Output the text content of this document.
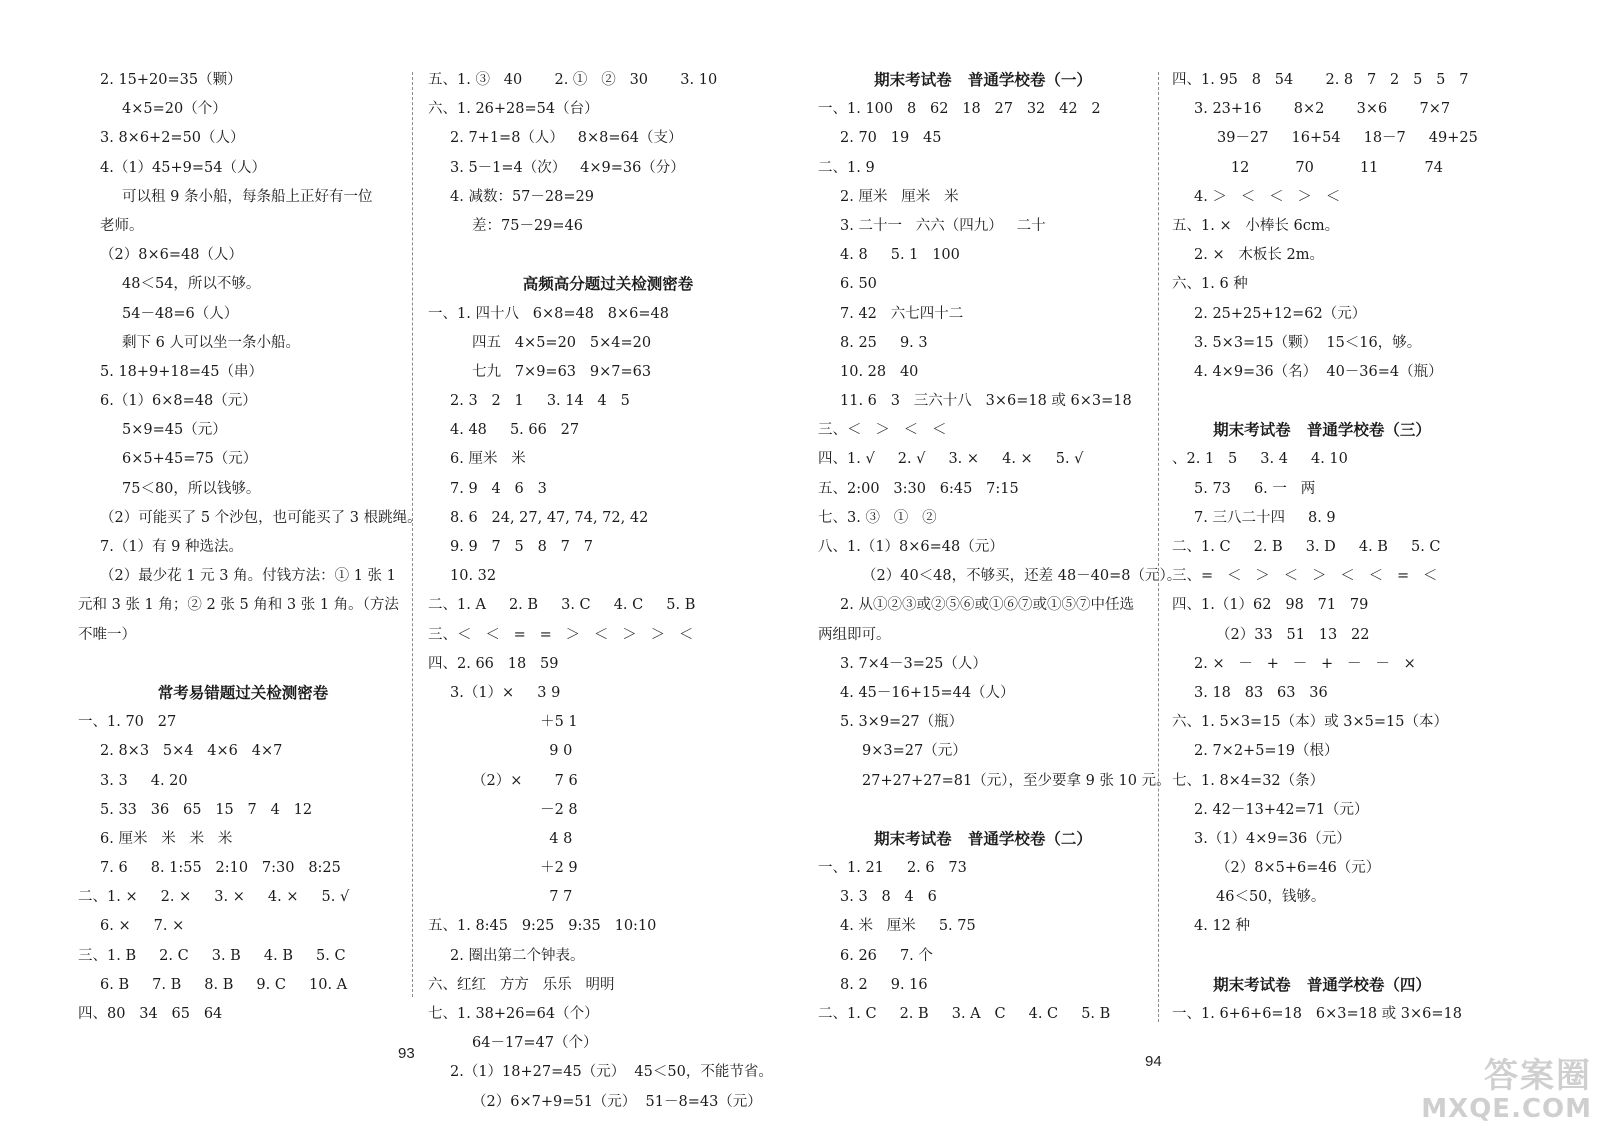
2. 15+20=35（颗）
4×5=20（个）
3. 8×6+2=50（人）
4.（1）45+9=54（人）
可以租 9 条小船，每条船上正好有一位
老师。
（2）8×6=48（人）
48＜54，所以不够。
54－48=6（人）
剩下 6 人可以坐一条小船。
5. 18+9+18=45（串）
6.（1）6×8=48（元）
5×9=45（元）
6×5+45=75（元）
75＜80，所以钱够。
（2）可能买了 5 个沙包，也可能买了 3 根跳绳。
7.（1）有 9 种选法。
（2）最少花 1 元 3 角。付钱方法：① 1 张 1
元和 3 张 1 角；② 2 张 5 角和 3 张 1 角。（方法
不唯一）
常考易错题过关检测密卷
一、1. 70   27
2. 8×3   5×4   4×6   4×7
3. 3     4. 20
5. 33   36   65   15   7   4   12
6. 厘米   米   米   米
7. 6     8. 1:55   2:10   7:30   8:25
二、1. ×     2. ×     3. ×     4. ×     5. √
6. ×     7. ×
三、1. B     2. C     3. B     4. B     5. C
6. B     7. B     8. B     9. C     10. A
四、80   34   65   64
五、1. ③   40       2. ①   ②   30       3. 10
六、1. 26+28=54（台）
2. 7+1=8（人）   8×8=64（支）
3. 5－1=4（次）   4×9=36（分）
4. 减数：57－28=29
差：75－29=46
高频高分题过关检测密卷
一、1. 四十八   6×8=48   8×6=48
四五   4×5=20   5×4=20
七九   7×9=63   9×7=63
2. 3   2   1     3. 14   4   5
4. 48     5. 66   27
6. 厘米   米
7. 9   4   6   3
8. 6   24, 27, 47, 74, 72, 42
9. 9   7   5   8   7   7
10. 32
二、1. A     2. B     3. C     4. C     5. B
三、＜   ＜   =   =   ＞   ＜   ＞   ＞   ＜
四、2. 66   18   59
3.（1）×     3 9
＋5 1
9 0
（2）×       7 6
－2 8
4 8
＋2 9
7 7
五、1. 8:45   9:25   9:35   10:10
2. 圈出第二个钟表。
六、红红   方方   乐乐   明明
七、1. 38+26=64（个）
64－17=47（个）
2.（1）18+27=45（元）  45＜50，不能节省。
（2）6×7+9=51（元）  51－8=43（元）
期末考试卷   普通学校卷（一）
一、1. 100   8   62   18   27   32   42   2
2. 70   19   45
二、1. 9
2. 厘米   厘米   米
3. 二十一   六六（四九）   二十
4. 8     5. 1   100
6. 50
7. 42   六七四十二
8. 25     9. 3
10. 28   40
11. 6   3   三六十八   3×6=18 或 6×3=18
三、＜   ＞   ＜   ＜
四、1. √     2. √     3. ×     4. ×     5. √
五、2:00   3:30   6:45   7:15
七、3. ③   ①   ②
八、1.（1）8×6=48（元）
（2）40＜48，不够买，还差 48－40=8（元）。
2. 从①②③或②⑤⑥或①⑥⑦或①⑤⑦中任选
两组即可。
3. 7×4－3=25（人）
4. 45－16+15=44（人）
5. 3×9=27（瓶）
9×3=27（元）
27+27+27=81（元），至少要拿 9 张 10 元。
期末考试卷   普通学校卷（二）
一、1. 21     2. 6   73
3. 3   8   4   6
4. 米   厘米     5. 75
6. 26     7. 个
8. 2     9. 16
二、1. C     2. B     3. A   C     4. C     5. B
四、1. 95   8   54       2. 8   7   2   5   5   7
3. 23+16       8×2       3×6       7×7
39－27     16+54     18－7     49+25
12          70          11          74
4. ＞   ＜   ＜   ＞   ＜
五、1. ×   小棒长 6cm。
2. ×   木板长 2m。
六、1. 6 种
2. 25+25+12=62（元）
3. 5×3=15（颗）  15＜16，够。
4. 4×9=36（名）  40－36=4（瓶）
期末考试卷   普通学校卷（三）
、2. 1   5     3. 4     4. 10
5. 73     6. 一   两
7. 三八二十四     8. 9
二、1. C     2. B     3. D     4. B     5. C
三、=   ＜   ＞   ＜   ＞   ＜   ＜   =   ＜
四、1.（1）62   98   71   79
（2）33   51   13   22
2. ×   －   +   －   +   －   －   ×
3. 18   83   63   36
六、1. 5×3=15（本）或 3×5=15（本）
2. 7×2+5=19（根）
七、1. 8×4=32（条）
2. 42－13+42=71（元）
3.（1）4×9=36（元）
（2）8×5+6=46（元）
46＜50，钱够。
4. 12 种
期末考试卷   普通学校卷（四）
一、1. 6+6+6=18   6×3=18 或 3×6=18
93	94	答案圈
MXQE.COM
